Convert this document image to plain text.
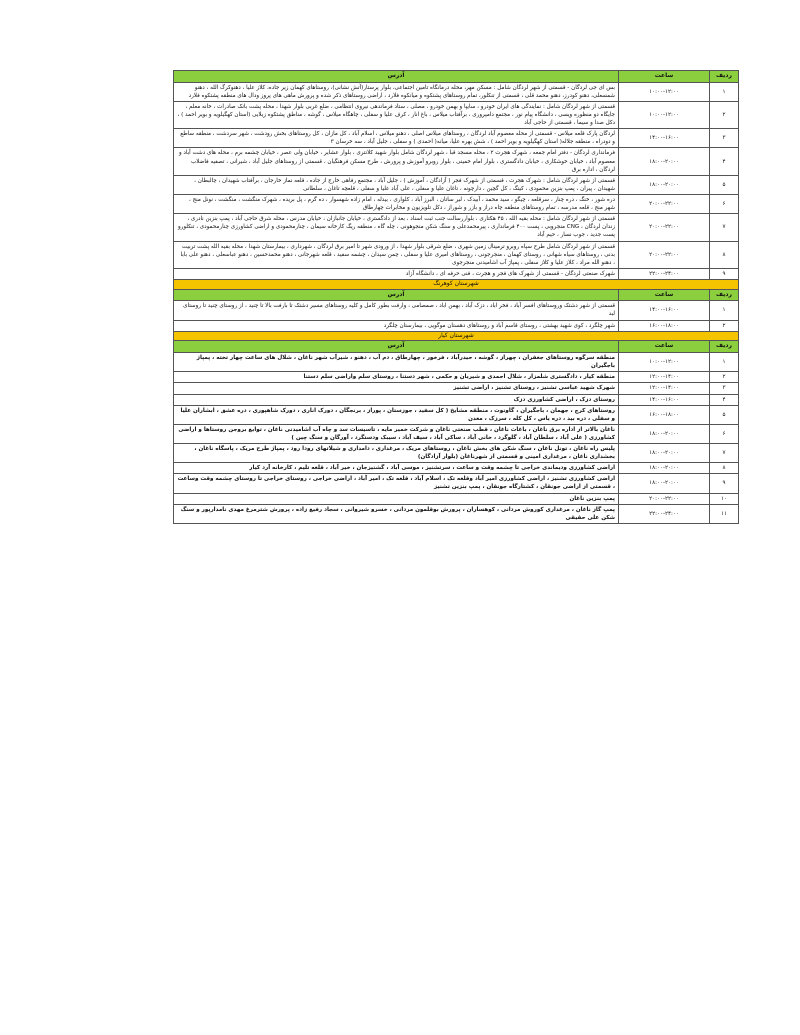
ردیف	ساعت	آدرس
۱	۱۰:۰۰-۱۲:۰۰	بس ای جی لردگان - قسمتی از شهر لردگان شامل : مسکن مهر، محله درمانگاه تامین اجتماعی، بلوار پرستار(آتش نشانی)، روستاهای کهمان زیر جاده، کلاز علیا ، دهنوکرگ الله ، دهنو شمسعلی، دهنو کودرز، دهنو محمد قلی ، قسمتی از تنکلور، تمام روستاهای پشتکوه و میانکوه فلارد ، اراضی روستاهای ذکر شده و پرورش ماهی های پروز ودال های منطقه پشتکوه فلارد
۲	۱۰:۰۰-۱۲:۰۰	قسمتی از شهر لردگان شامل : نمایندگی های ایران خودرو ، سایپا و بهمن خودرو ، مصلی ، ستاد فرماندهی نیروی انتظامی ، ضلع غربی بلوار شهدا ، محله پشت بانک صادرات ، خانه معلم ، جایگاه دو منظوره ویسی ، دانشگاه پیام نور ، مجتمع دامپروری ، برآفتاب میلاس ، باغ انار ، کرف علیا و سفلی ، چاهگاه میلاس ، گوشه ، مناطق پشتکوه زیلایی (استان کهگیلویه و بویر احمد ) ، دکل صدا و سیما ، قسمتی از حاجی آباد
۳	۱۴:۰۰-۱۶:۰۰	لردگان پارک قلعه میلاس - قسمتی از محله معصوم آباد لردگان ، روستاهای میلاس اصلی ، دهنو میلاس ، اسلام آباد ، کل مازان ، کل روستاهای بخش رودشت ، شهر سردشت ، منطقه ساطع و دودراه ، منطقه جلاله( استان کهگیلویه و بویر احمد ) ، شش بهره علیا، میانه( احمدی ) و سفلی ، جلیل آباد ، سه خرسان ۳
۴	۱۸:۰۰-۲۰:۰۰	فرمانداری لردگان - دفتر امام جمعه ، شهرک هجرت ۲ ، محله مسجد قبا ، شهر لردگان شامل بلوار شهید کلانتری ، بلوار عشایر ، خیابان ولی عصر ، خیابان چشمه برم ، محله های دشت آباد و معصوم آباد ، خیابان خوشکاری ، خیابان دادگستری ، بلوار امام خمینی ، بلوار روبرو آموزش و پرورش ، طرح مسکن فرهنگیان ، قسمتی از روستاهای جلیل آباد ، شیرانی ، تصفیه فاضلاب لردگان ، اداره برق
۵	۱۸:۰۰-۲۰:۰۰	قسمتی از شهر لردگان شامل : شهرک هجرت ، قسمتی از شهرک فجر ( آزادگان ، آموزش ) ، جلیل آباد ، مجتمع رفاهی خارج از جاده ، قلعه نماز خارجان ، برآفتاب شهیدان ، چالبطان ، شهیدان ، پیران ، پمپ بنزین محمودی ، کینگ ، کل گچین ، دارچونه ، تاغان علیا و سفلی ، علی آباد علیا و سفلی ، قلعچه تاغان ، سلطانی
۶	۲۰:۰۰-۲۲:۰۰	دره شور ، خنگ ، دره چنار ، سرقلعه ، چیگو ، سید محمد ، آبیدک ، لیر ساتان ، البرز آباد ، کلواری ، بیدله ، امام زاده شهسوار ، ده گرم ، پل بریده ، شهرک منگشت ، منگشت ، نونل منج ، شهر منج ، قلعه مدرسه ، تمام روستاهای منطقه چاه دراز و بازر و شوراز ، دکل تلویزیون و مخابرات چهارطاق
۷	۲۰:۰۰-۲۲:۰۰	قسمتی از شهر لردگان شامل : محله بقیه الله ، ۴۵ هکتاری ، بلواررسالت جنب ثبت اسناد ، بعد از دادگستری ، خیابان جانبازان ، خیابان مدرس ، محله شرق حاجی آباد ، پمپ بنزین نادری ، زندان لردگان ، CNG منجروبی ، پست ۴۰۰ فرمانداری ، پیرمحمدعلی و سنگ شکن منجوهونی ، چله گاه ، منطقه ریگ کارخانه سیمان ، چنارمحمودی و اراضی کشاورزی چنارمحمودی ، تنکلورو پست جدید ، جوب نسار ، حیم آباد
۸	۲۰:۰۰-۲۲:۰۰	قسمتی از شهر لردگان شامل طرح سپاه روبرو ترمینال زمین شهری ، ضلع شرقی بلوار شهدا ، از ورودی شهر تا امیر برق لردگان ، شهرداری ، بیمارستان شهدا ، محله بقیه الله پشت تربیت بدنی ، روستاهای سیاه شهانی ، روستای کهمان ، منجرجونی ، روستاهای امیری علیا و سفلی ، چمن سیدان ، چشمه سفید ، قلعه شهرجانی ، دهنو محمدحسین ، دهنو عباسعلی ، دهنو علی بابا ، دهنو الله مراد ، کلاز علیا و کلاز سفلی ، پمپاژ آب اشامیدنی منجرجوی
۹	۲۲:۰۰-۲۴:۰۰	شهرک صنعتی لردگان - قسمتی از شهرک های فجر و هجرت ، فنی حرفه ای ، دانشگاه آزاد
شهرستان کوهرنگ		
ردیف	ساعت	آدرس
۱	۱۴:۰۰-۱۶:۰۰	قسمتی از شهر دشتک وروستاهای افسر آباد ، فخر اباد ، دزک آباد ، بهمن اباد ، صمصامی ، وارفت بطور کامل و کلیه روستاهای مسیر دشتک تا بارفت بالا تا چنید ، از روستای چنید تا روستای لبد
۲	۱۶:۰۰-۱۸:۰۰	شهر چلگرد ، کوی شهید بهشتی ، روستای قاسم آباد و روستاهای دهستان موگویی ، بیمارستان چلگرد
شهرستان کیار		
ردیف	ساعت	آدرس
۱	۱۰:۰۰-۱۲:۰۰	منطقه سرگوه روستاهای جعفران ، چهراز ، گوشه ، حیدرآباد ، فرخور ، چهارطاق ، دم آب ، دهنو ، شیرآب شهر ناغان ، شلال های ساعت چهار تخته ، پمپاژ باجگیران
۲	۱۲:۰۰-۱۴:۰۰	منطقه کیار ، دادگستری شلمزار ، شلال احمدی و شیربان و حکمی ، شهر دستنا ، روستای سلم واراضی سلم دستنا
۳	۱۲:۰۰-۱۴:۰۰	شهرک شهید عباسی تشنیز ، روستای تشنیز ، اراضی تشنیز
۴	۱۴:۰۰-۱۶:۰۰	روستای دزک ، اراضی کشاورزی دزک
۵	۱۶:۰۰-۱۸:۰۰	روستاهای کرچ ، جهمان ، باجگیران ، گاونوت ، منطقه مشایخ ( کل سفید ، جوزستان ، پوراز ، برنجگان ، دورک اناری ، دورک شاهپوری ، دره عشق ، ابشاران علیا و سفلی ، دره بید ، دره یاس ، کل کله ، سرزک ، معدن
۶	۱۸:۰۰-۲۰:۰۰	ناغان بالاتر از اداره برق ناغان ، باغات ناغان ، قطب صنعتی ناغان و شرکت خمیر مایه ، تاسیسات سد و چاه آب اشامیدنی ناغان ، توابع بروجن روستاها و اراضی کشاورزی ( علی آباد ، سلطان آباد ، گلوگرد ، خانی آباد ، ساکی آباد ، سیف آباد ، سیبک ودستگرد ، آورگان و سنگ چین )
۷	۱۸:۰۰-۲۰:۰۰	پلیس راه ناغان ، تونل ناغان ، سنگ شکن های بخش ناغان ، روستاهای مریک ، مرغداری ، دامداری و شیلاتهای رودا رود ، پمپاژ طرح مریک ، پاسگاه ناغان ، بخشداری ناغان ، مرغداری امینی و قسمتی از شهرناغان (بلوار آزادگان)
۸	۱۸:۰۰-۲۰:۰۰	اراضی کشاورزی ودیماندی خراجی تا چشمه وقت و ساعت ، سرتشنیز ، موسی آباد ، گشنیزجان ، خیر آباد ، قلعه تلیم ، کارخانه آرد کیار
۹	۱۸:۰۰-۲۰:۰۰	اراضی کشاورزی تشنیز ، اراضی کشاورزی امیر آباد وقلعه تک ، اسلام آباد ، قلعه تک ، امیر آباد ، اراضی خراجی ، روستای خراجی تا روستای چشمه وقت وساعت ، قسمتی از اراضی جونقان ، کشتارگاه جونقان ، پمپ بنزین تشنیز
۱۰	۲۰:۰۰-۲۲:۰۰	پمپ بنزین ناغان
۱۱	۲۲:۰۰-۲۴:۰۰	پمپ گاز ناغان ، مرغداری کوروش مردانی ، کوهساران ، پرورش بوقلمون مردانی ، خسرو شیروانی ، سجاد رفیع زاده ، پرورش شترمرغ مهدی نامدارپور و سنگ شکن علی حقیقی
